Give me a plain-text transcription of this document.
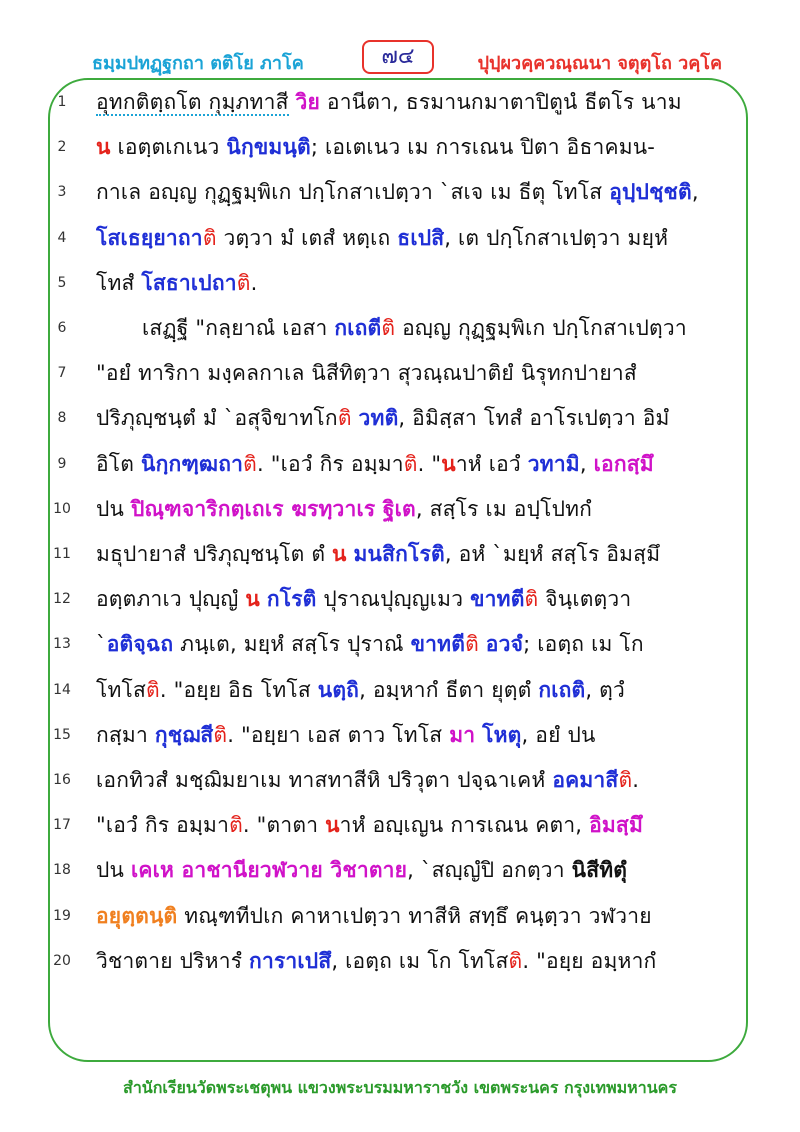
ธมฺมปทฏฺฐกถา ตติโย ภาโค	๗๔	ปุปฺผวคฺควณฺณนา จตุตฺโถ วคฺโค
1	อุทกติตฺถโต กุมฺภทาสี วิย อานีตา, ธรมานกมาตาปิตูนํ ธีตโร นาม
2	น เอตฺตเกเนว นิกฺขมนฺติ; เอเตเนว เม การเณน ปิตา อิธาคมน-
3	กาเล อญฺญ กุฏฺฐมฺพิเก ปกฺโกสาเปตฺวา `สเจ เม ธีตุ โทโส อุปฺปชฺชติ,
4	โสเธยฺยาถาติ วตฺวา มํ เตสํ หตฺเถ ธเปสิ, เต ปกฺโกสาเปตฺวา มยฺหํ
5	โทสํ โสธาเปถาติ.
6	เสฏฺฐี "กลฺยาณํ เอสา กเถตีติ อญฺญ กุฏฺฐมฺพิเก ปกฺโกสาเปตฺวา
7	"อยํ ทาริกา มงฺคลกาเล นิสีทิตฺวา สุวณฺณปาติยํ นิรุทกปายาสํ
8	ปริภุญฺชนฺตํ มํ `อสุจิขาทโกติ วทติ, อิมิสฺสา โทสํ อาโรเปตฺวา อิมํ
9	อิโต นิกฺกฑฺฒถาติ. "เอวํ กิร อมฺมาติ. "นาหํ เอวํ วทามิ, เอกสฺมึ
10 ปน ปิณฺฑจาริกตฺเถเร ฆรทฺวาเร ฐิเต, สสฺโร เม อปฺโปทกํ
11 มธุปายาสํ ปริภุญฺชนฺโต ตํ น มนสิกโรติ, อหํ `มยฺหํ สสฺโร อิมสฺมึ
12 อตฺตภาเว ปุญฺญํ น กโรติ ปุราณปุญฺญเมว ขาทตีติ จินฺเตตฺวา
13 `อติจฺฉถ ภนฺเต, มยฺหํ สสฺโร ปุราณํ ขาทตีติ อวจํ; เอตฺถ เม โก
14 โทโสติ. "อยฺย อิธ โทโส นตฺถิ, อมฺหากํ ธีตา ยุตฺตํ กเถติ, ตฺวํ
15 กสฺมา กุชฺฌสีติ. "อยฺยา เอส ตาว โทโส มา โหตุ, อยํ ปน
16 เอกทิวสํ มชฺฌิมยาเม ทาสทาสีหิ ปริวุตา ปจฺฉาเคหํ อคมาสีติ.
17 "เอวํ กิร อมฺมาติ. "ตาตา นาหํ อญฺเญน การเณน คตา, อิมสฺมึ
18 ปน เคเห อาชานียวฬวาย วิชาตาย, `สญฺญํปิ อกตฺวา นิสีทิตุํ
19 อยุตฺตนฺติ ทณฺฑทีปเก คาหาเปตฺวา ทาสีหิ สทฺธึ คนฺตฺวา วฬวาย
20 วิชาตาย ปริหารํ การาเปสึ, เอตฺถ เม โก โทโสติ. "อยฺย อมฺหากํ
สำนักเรียนวัดพระเชตุพน แขวงพระบรมมหาราชวัง เขตพระนคร กรุงเทพมหานคร
